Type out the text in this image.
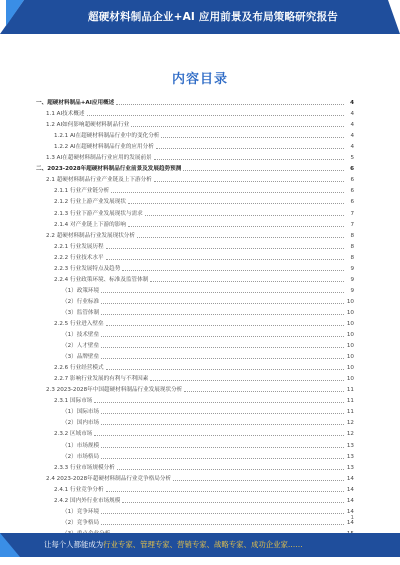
超硬材料制品企业+AI 应用前景及布局策略研究报告
内容目录
一、超硬材料制品+AI应用概述	4
1.1 AI技术概述	4
1.2 AI如何影响超硬材料制品行业	4
1.2.1 AI在超硬材料制品行业中的变化分析	4
1.2.2 AI在超硬材料制品行业的应用分析	4
1.3 AI在超硬材料制品行业应用的发展前景	5
二、2023-2028年超硬材料制品行业前景及发展趋势预测	6
2.1 超硬材料制品行业产业链及上下游分析	6
2.1.1 行业产业链分析	6
2.1.2 行业上游产业发展现状	6
2.1.3 行业下游产业发展现状与需求	7
2.1.4 对产业链上下游的影响	7
2.2 超硬材料制品行业发展现状分析	8
2.2.1 行业发展历程	8
2.2.2 行业技术水平	8
2.2.3 行业发展特点及趋势	9
2.2.4 行业政策环境、标准及监管体制	9
（1）政策环境	9
（2）行业标准	10
（3）监管体制	10
2.2.5 行业进入壁垒	10
（1）技术壁垒	10
（2）人才壁垒	10
（3）品牌壁垒	10
2.2.6 行业经营模式	10
2.2.7 影响行业发展的有利与不利因素	10
2.3 2023-2028年中国超硬材料制品行业发展现状分析	11
2.3.1 国际市场	11
（1）国际市场	11
（2）国内市场	12
2.3.2 区域市场	12
（1）市场规模	13
（2）市场格局	13
2.3.3 行业市场规模分析	13
2.4 2023-2028年超硬材料制品行业竞争格局分析	14
2.4.1 行业竞争分析	14
2.4.2 国内外行业市场规模	14
（1）竞争环境	14
（2）竞争格局	14
1
让每个人都能成为行业专家、管理专家、营销专家、战略专家、成功企业家……
